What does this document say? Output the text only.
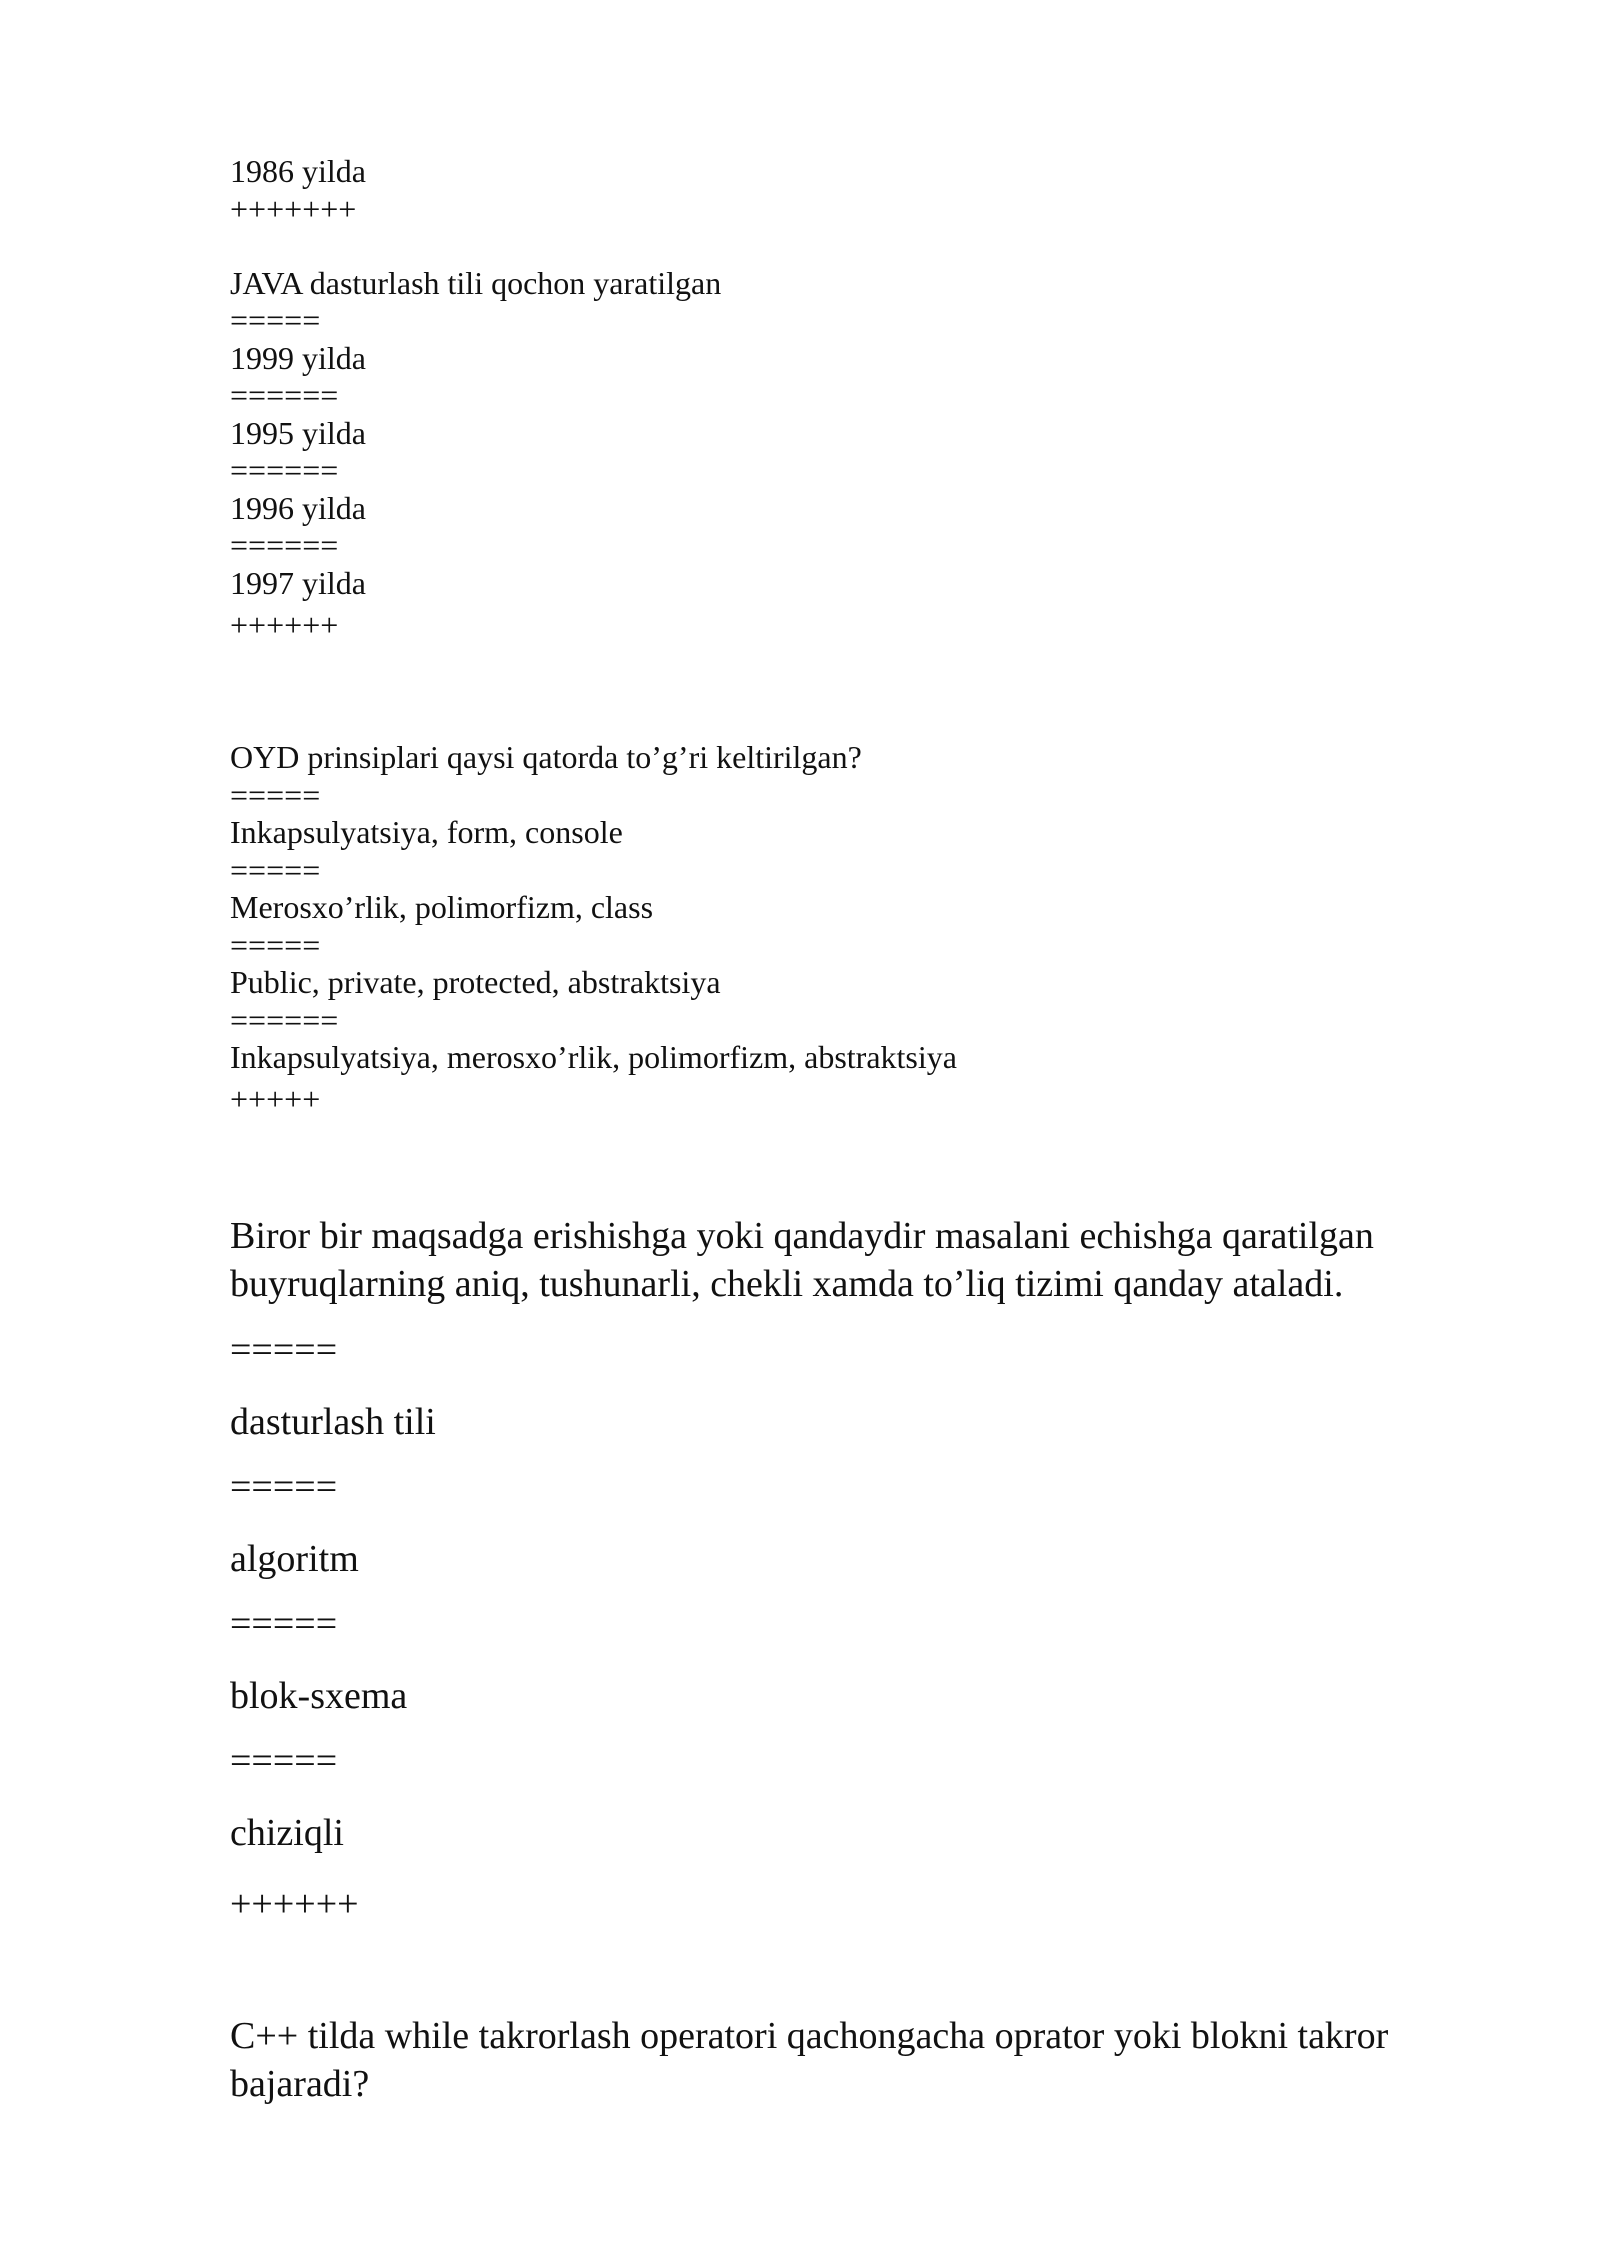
1986 yilda
+++++++
JAVA dasturlash tili qochon yaratilgan
=====
1999 yilda
======
1995 yilda
======
1996 yilda
======
1997 yilda
++++++
OYD prinsiplari qaysi qatorda to’g’ri keltirilgan?
=====
Inkapsulyatsiya, form, console
=====
Merosxo’rlik, polimorfizm, class
=====
Public, private, protected, abstraktsiya
======
Inkapsulyatsiya, merosxo’rlik, polimorfizm, abstraktsiya
+++++
Biror bir maqsadga erishishga yoki qandaydir masalani echishga qaratilgan buyruqlarning aniq, tushunarli, chekli xamda to’liq tizimi qanday ataladi.
=====
dasturlash tili
=====
algoritm
=====
blok-sxema
=====
chiziqli
++++++
C++ tilda while takrorlash operatori qachongacha oprator yoki blokni takror bajaradi?
